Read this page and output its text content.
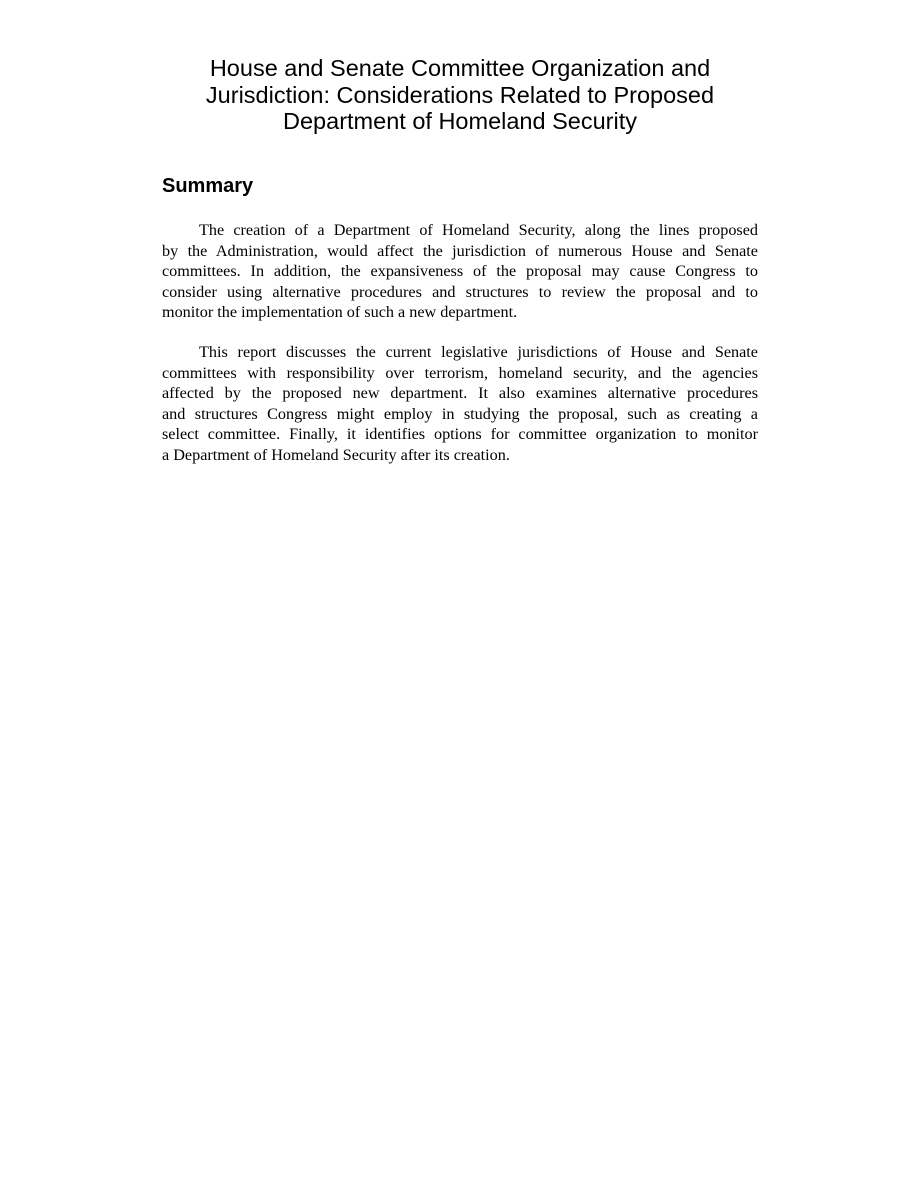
House and Senate Committee Organization and
Jurisdiction: Considerations Related to Proposed
Department of Homeland Security
Summary
The creation of a Department of Homeland Security, along the lines proposed
by the Administration, would affect the jurisdiction of numerous House and Senate
committees. In addition, the expansiveness of the proposal may cause Congress to
consider using alternative procedures and structures to review the proposal and to
monitor the implementation of such a new department.
This report discusses the current legislative jurisdictions of House and Senate
committees with responsibility over terrorism, homeland security, and the agencies
affected by the proposed new department. It also examines alternative procedures
and structures Congress might employ in studying the proposal, such as creating a
select committee. Finally, it identifies options for committee organization to monitor
a Department of Homeland Security after its creation.
